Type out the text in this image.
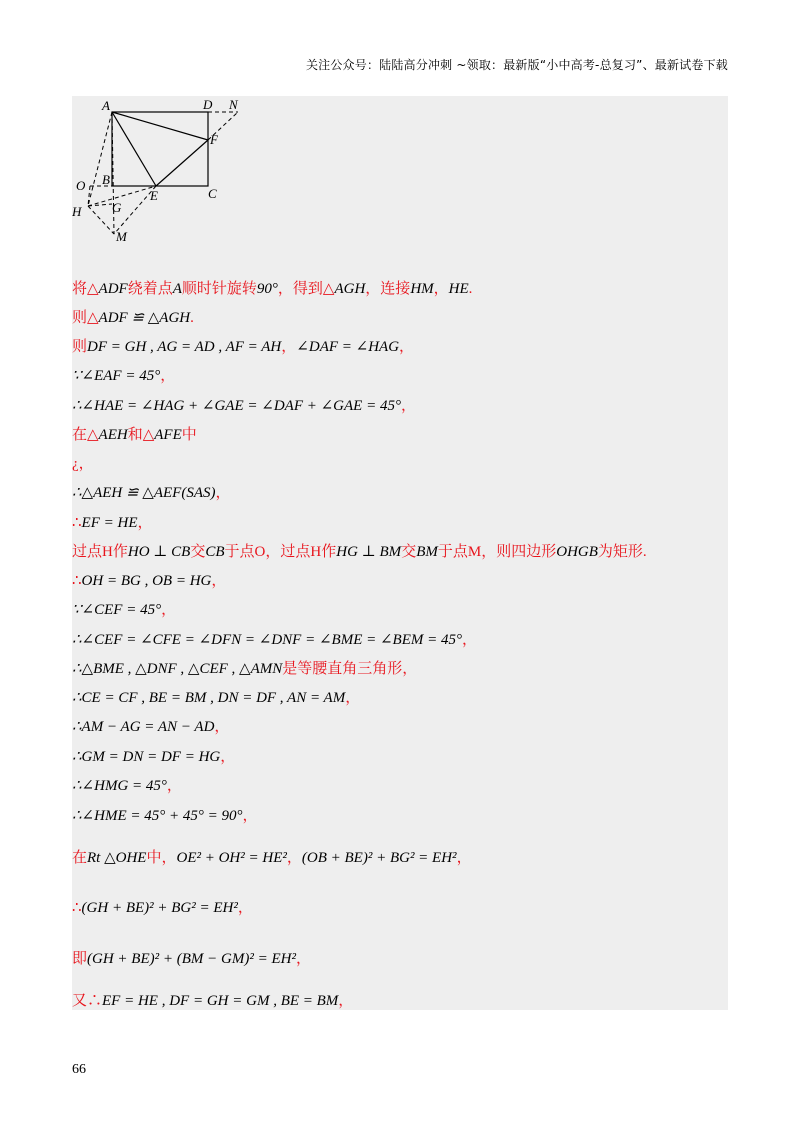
关注公众号：陆陆高分冲刺 ~领取：最新版“小中高考-总复习”、最新试卷下载
A	D N
F
O B
E	C
H G
M
将△ADF绕着点A顺时针旋转90°，得到△AGH，连接HM，HE.
则△ADF ≌ △AGH.
则DF = GH , AG = AD , AF = AH，∠DAF = ∠HAG，
∵∠EAF = 45°，
∴∠HAE = ∠HAG + ∠GAE = ∠DAF + ∠GAE = 45°，
在△AEH和△AFE中
¿，
∴△AEH ≌ △AEF(SAS)，
∴EF = HE，
过点H作HO ⊥ CB交CB于点O，过点H作HG ⊥ BM交BM于点M，则四边形OHGB为矩形.
∴OH = BG , OB = HG，
∵∠CEF = 45°，
∴∠CEF = ∠CFE = ∠DFN = ∠DNF = ∠BME = ∠BEM = 45°，
∴△BME , △DNF , △CEF , △AMN是等腰直角三角形，
∴CE = CF , BE = BM , DN = DF , AN = AM，
∴AM − AG = AN − AD，
∴GM = DN = DF = HG，
∴∠HMG = 45°，
∴∠HME = 45° + 45° = 90°，
在Rt △OHE中，OE² + OH² = HE²，(OB + BE)² + BG² = EH²，
∴(GH + BE)² + BG² = EH²，
即(GH + BE)² + (BM − GM)² = EH²，
又∴EF = HE , DF = GH = GM , BE = BM，
66
